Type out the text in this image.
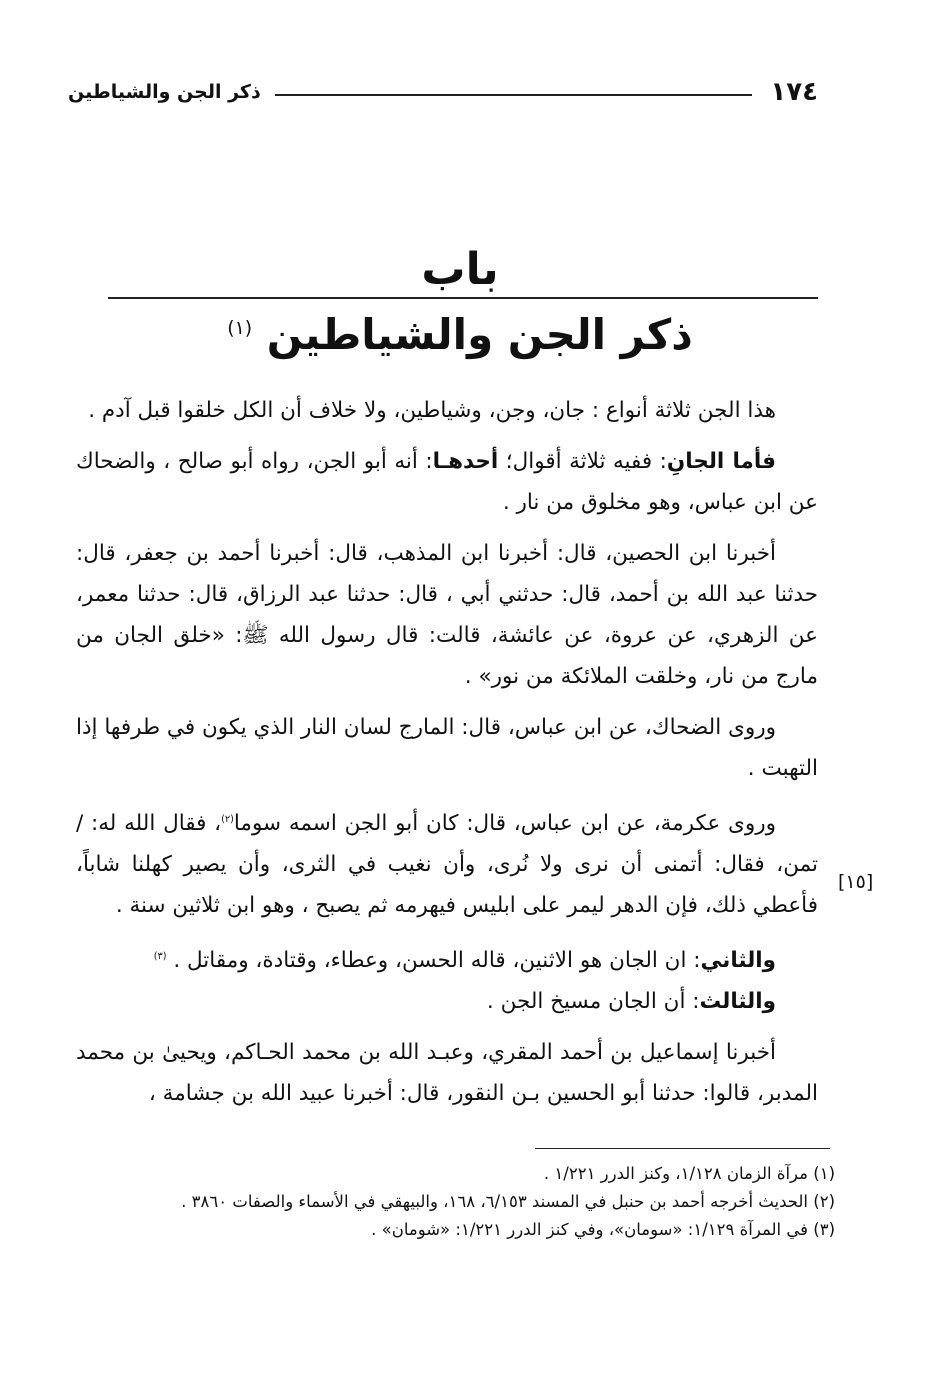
١٧٤
ذكر الجن والشياطين
باب
ذكر الجن والشياطين $^{(١)}$
[١٥]

هذا الجن ثلاثة أنواع : جان، وجن، وشياطين، ولا خلاف أن الكل خلقوا قبل آدم .

فأما الجانِ: ففيه ثلاثة أقوال؛ أحدهـا: أنه أبو الجن، رواه أبو صالح ، والضحاك عن ابن عباس، وهو مخلوق من نار .

أخبرنا ابن الحصين، قال: أخبرنا ابن المذهب، قال: أخبرنا أحمد بن جعفر، قال: حدثنا عبد الله بن أحمد، قال: حدثني أبي ، قال: حدثنا عبد الرزاق، قال: حدثنا معمر، عن الزهري، عن عروة، عن عائشة، قالت: قال رسول الله ﷺ: «خلق الجان من مارج من نار، وخلقت الملائكة من نور» .

وروى الضحاك، عن ابن عباس، قال: المارج لسان النار الذي يكون في طرفها إذا التهبت .

وروى عكرمة، عن ابن عباس، قال: كان أبو الجن اسمه سوما$^{(٢)}$، فقال الله له: / تمن، فقال: أتمنى أن نرى ولا نُرى، وأن نغيب في الثرى، وأن يصير كهلنا شاباً، فأعطي ذلك، فإن الدهر ليمر على ابليس فيهرمه ثم يصبح ، وهو ابن ثلاثين سنة .

والثاني: ان الجان هو الاثنين، قاله الحسن، وعطاء، وقتادة، ومقاتل . $^{(٣)}$

والثالث: أن الجان مسيخ الجن .

أخبرنا إسماعيل بن أحمد المقري، وعبـد الله بن محمد الحـاكم، ويحيىٰ بن محمد المدبر، قالوا: حدثنا أبو الحسين بـن النقور، قال: أخبرنا عبيد الله بن جشامة ،

(١) مرآة الزمان ١/١٢٨، وكنز الدرر ١/٢٢١ .

(٢) الحديث أخرجه أحمد بن حنبل في المسند ٦/١٥٣، ١٦٨، والبيهقي في الأسماء والصفات ٣٨٦٠ .

(٣) في المرآة ١/١٢٩: «سومان»، وفي كنز الدرر ١/٢٢١: «شومان» .
